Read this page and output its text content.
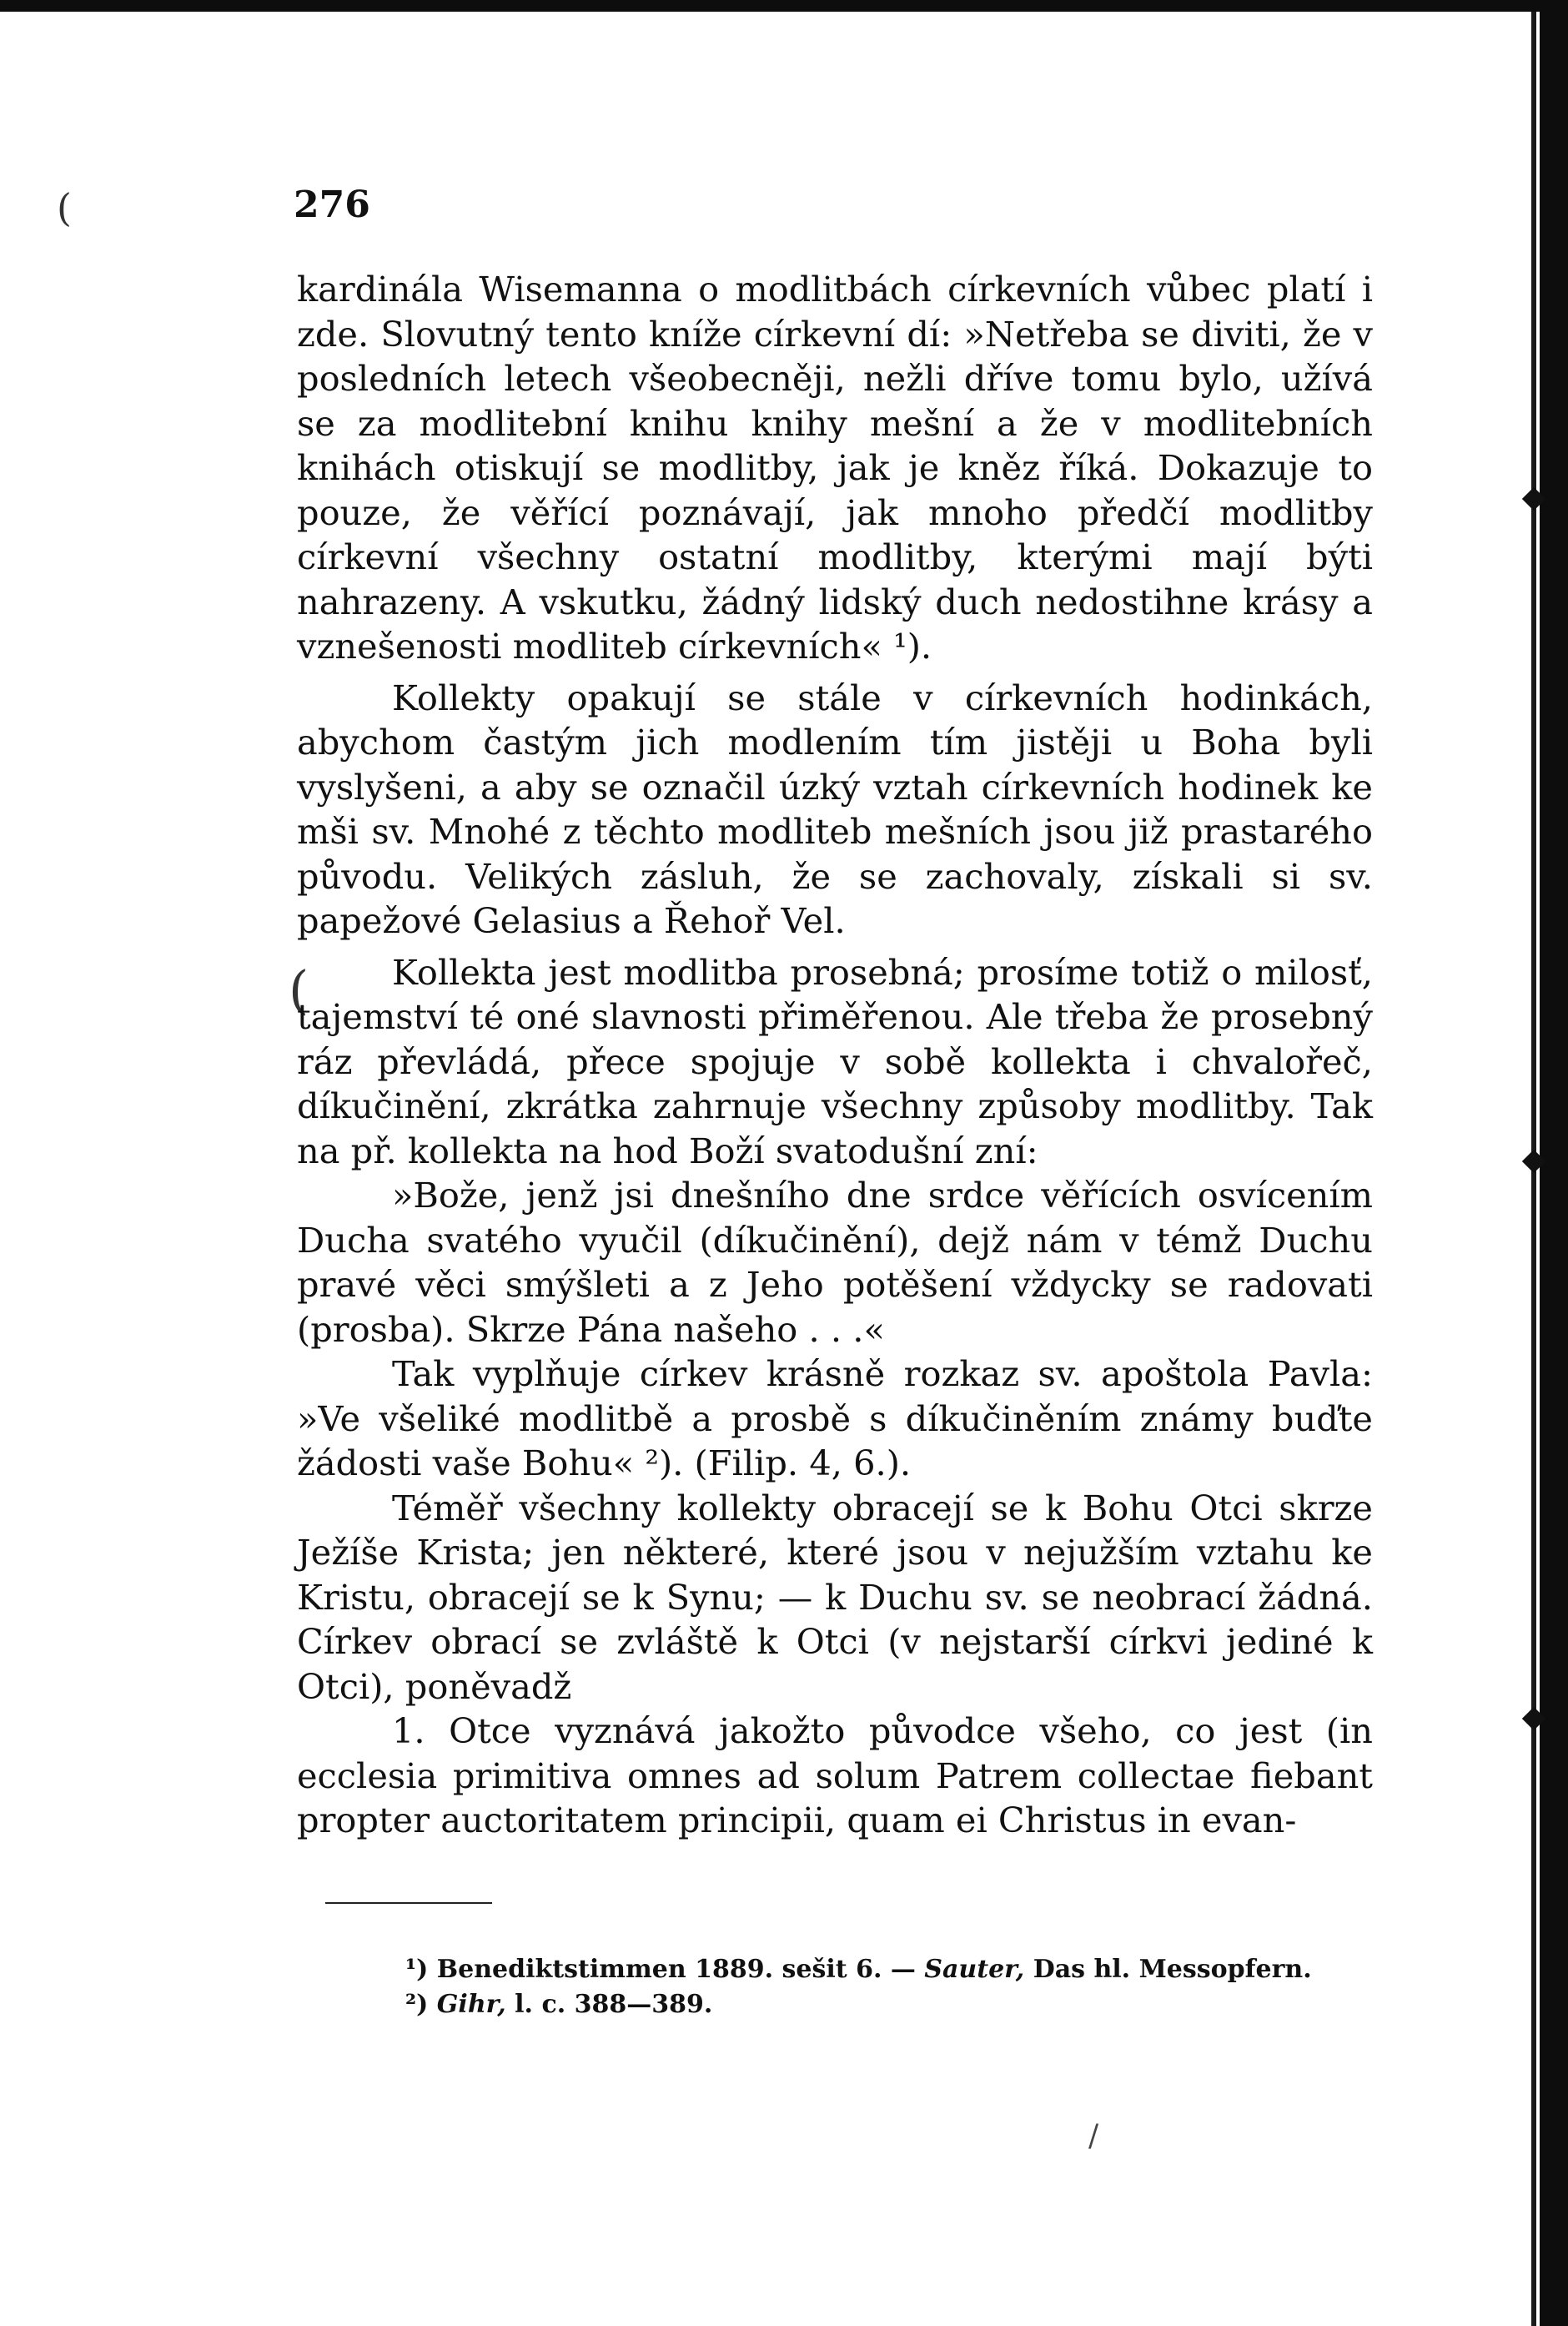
(
(
/
276

kardinála Wisemanna o modlitbách církevních vůbec platí i zde. Slovutný tento kníže církevní dí: »Netřeba se diviti, že v posledních letech všeobecněji, nežli dříve tomu bylo, užívá se za modlitební knihu knihy mešní a že v modlitebních knihách otiskují se modlitby, jak je kněz říká. Dokazuje to pouze, že věřící poznávají, jak mnoho předčí modlitby církevní všechny ostatní modlitby, kterými mají býti nahrazeny. A vskutku, žádný lidský duch nedostihne krásy a vznešenosti modliteb církevních« ¹).

Kollekty opakují se stále v církevních hodinkách, abychom častým jich modlením tím jistěji u Boha byli vyslyšeni, a aby se označil úzký vztah církevních hodinek ke mši sv. Mnohé z těchto modliteb mešních jsou již prastarého původu. Velikých zásluh, že se zachovaly, získali si sv. papežové Gelasius a Řehoř Vel.

Kollekta jest modlitba prosebná; prosíme totiž o milosť, tajemství té oné slavnosti přiměřenou. Ale třeba že prosebný ráz převládá, přece spojuje v sobě kollekta i chvalořeč, díkučinění, zkrátka zahrnuje všechny způsoby modlitby. Tak na př. kollekta na hod Boží svatodušní zní:

»Bože, jenž jsi dnešního dne srdce věřících osvícením Ducha svatého vyučil (díkučinění), dejž nám v témž Duchu pravé věci smýšleti a z Jeho potěšení vždycky se radovati (prosba). Skrze Pána našeho . . .«

Tak vyplňuje církev krásně rozkaz sv. apoštola Pavla: »Ve všeliké modlitbě a prosbě s díkučiněním známy buďte žádosti vaše Bohu« ²). (Filip. 4, 6.).

Téměř všechny kollekty obracejí se k Bohu Otci skrze Ježíše Krista; jen některé, které jsou v nejužším vztahu ke Kristu, obracejí se k Synu; — k Duchu sv. se neobrací žádná. Církev obrací se zvláště k Otci (v nejstarší církvi jediné k Otci), poněvadž

1. Otce vyznává jakožto původce všeho, co jest (in ecclesia primitiva omnes ad solum Patrem collectae fiebant propter auctoritatem principii, quam ei Christus in evan-

¹) Benediktstimmen 1889. sešit 6. — Sauter, Das hl. Messopfern.
²) Gihr, l. c. 388—389.
